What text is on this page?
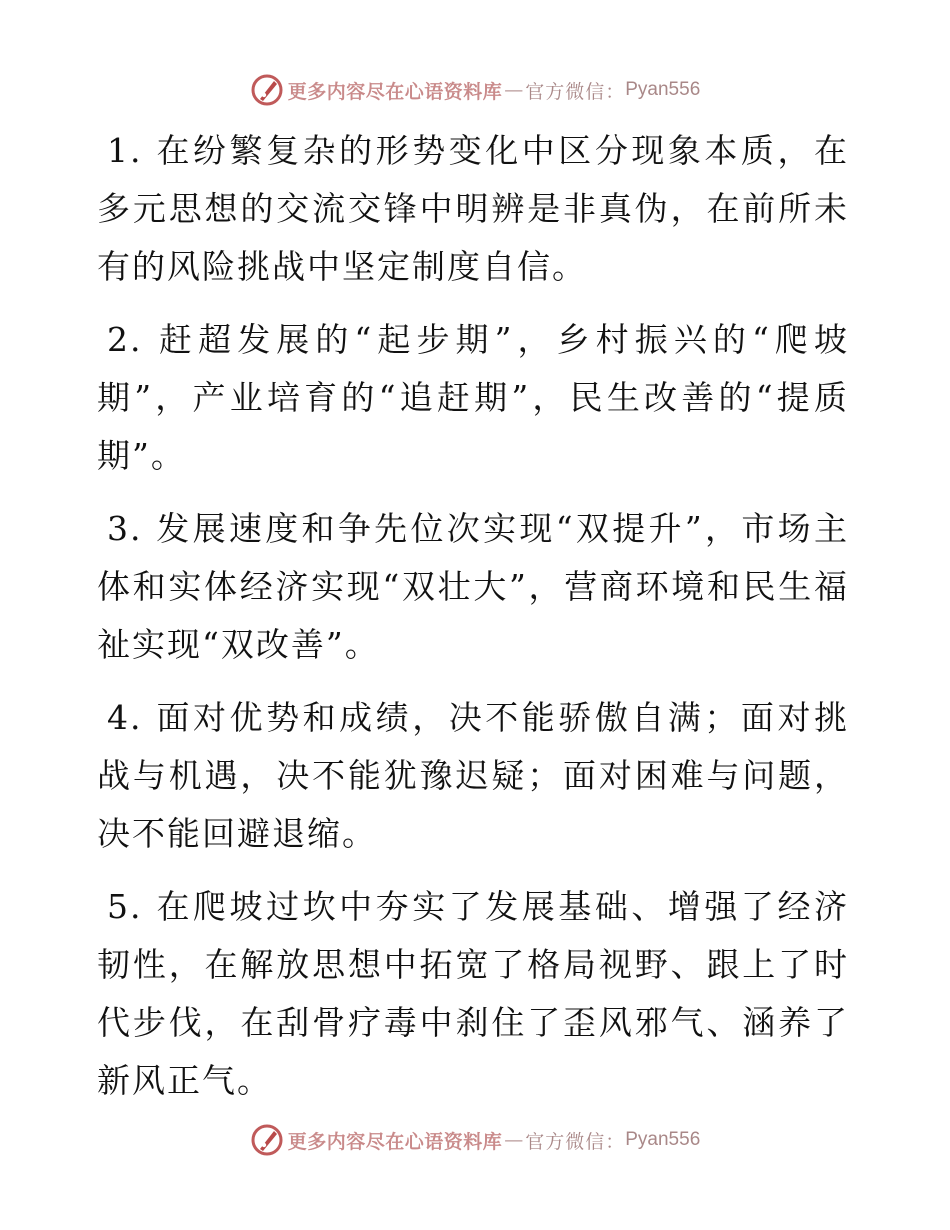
更多内容尽在心语资料库 — 官方微信： Pyan556

1. 在纷繁复杂的形势变化中区分现象本质，在多元思想的交流交锋中明辨是非真伪，在前所未有的风险挑战中坚定制度自信。

2. 赶超发展的“起步期”，乡村振兴的“爬坡期”，产业培育的“追赶期”，民生改善的“提质期”。

3. 发展速度和争先位次实现“双提升”，市场主体和实体经济实现“双壮大”，营商环境和民生福祉实现“双改善”。

4. 面对优势和成绩，决不能骄傲自满；面对挑战与机遇，决不能犹豫迟疑；面对困难与问题，决不能回避退缩。

5. 在爬坡过坎中夯实了发展基础、增强了经济韧性，在解放思想中拓宽了格局视野、跟上了时代步伐，在刮骨疗毒中刹住了歪风邪气、涵养了新风正气。

更多内容尽在心语资料库 — 官方微信： Pyan556
